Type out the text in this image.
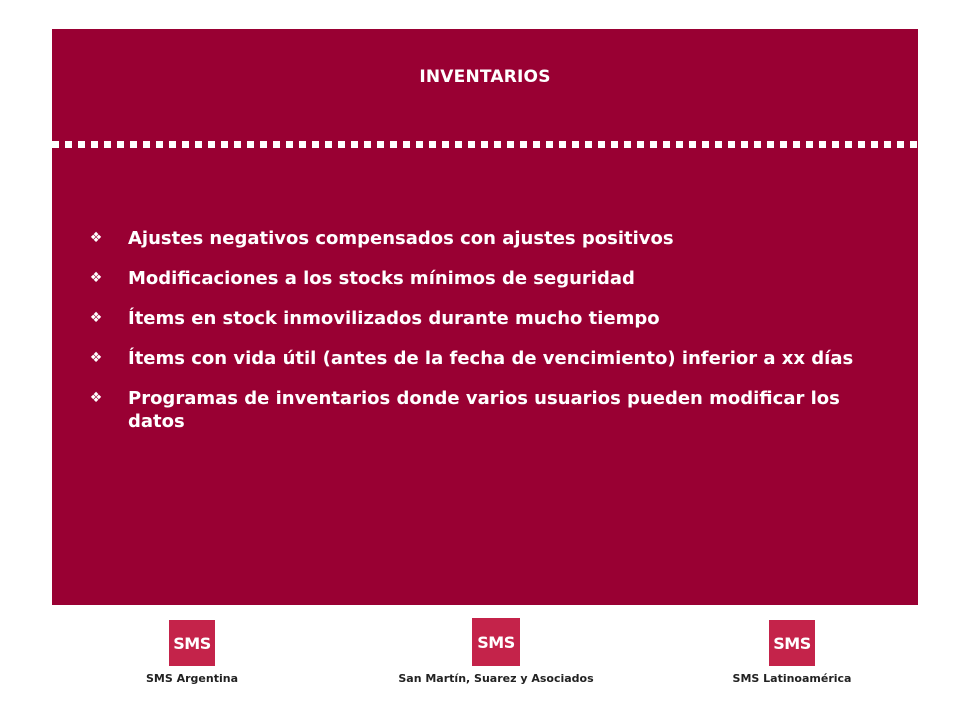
INVENTARIOS
❖ Ajustes negativos compensados con ajustes positivos
❖ Modificaciones a los stocks mínimos de seguridad
❖ Ítems en stock inmovilizados durante mucho tiempo
❖ Ítems con vida útil (antes de la fecha de vencimiento) inferior a xx días
❖ Programas de inventarios donde varios usuarios pueden modificar los datos
SMS
SMS Argentina
SMS
San Martín, Suarez y Asociados
SMS
SMS Latinoamérica
